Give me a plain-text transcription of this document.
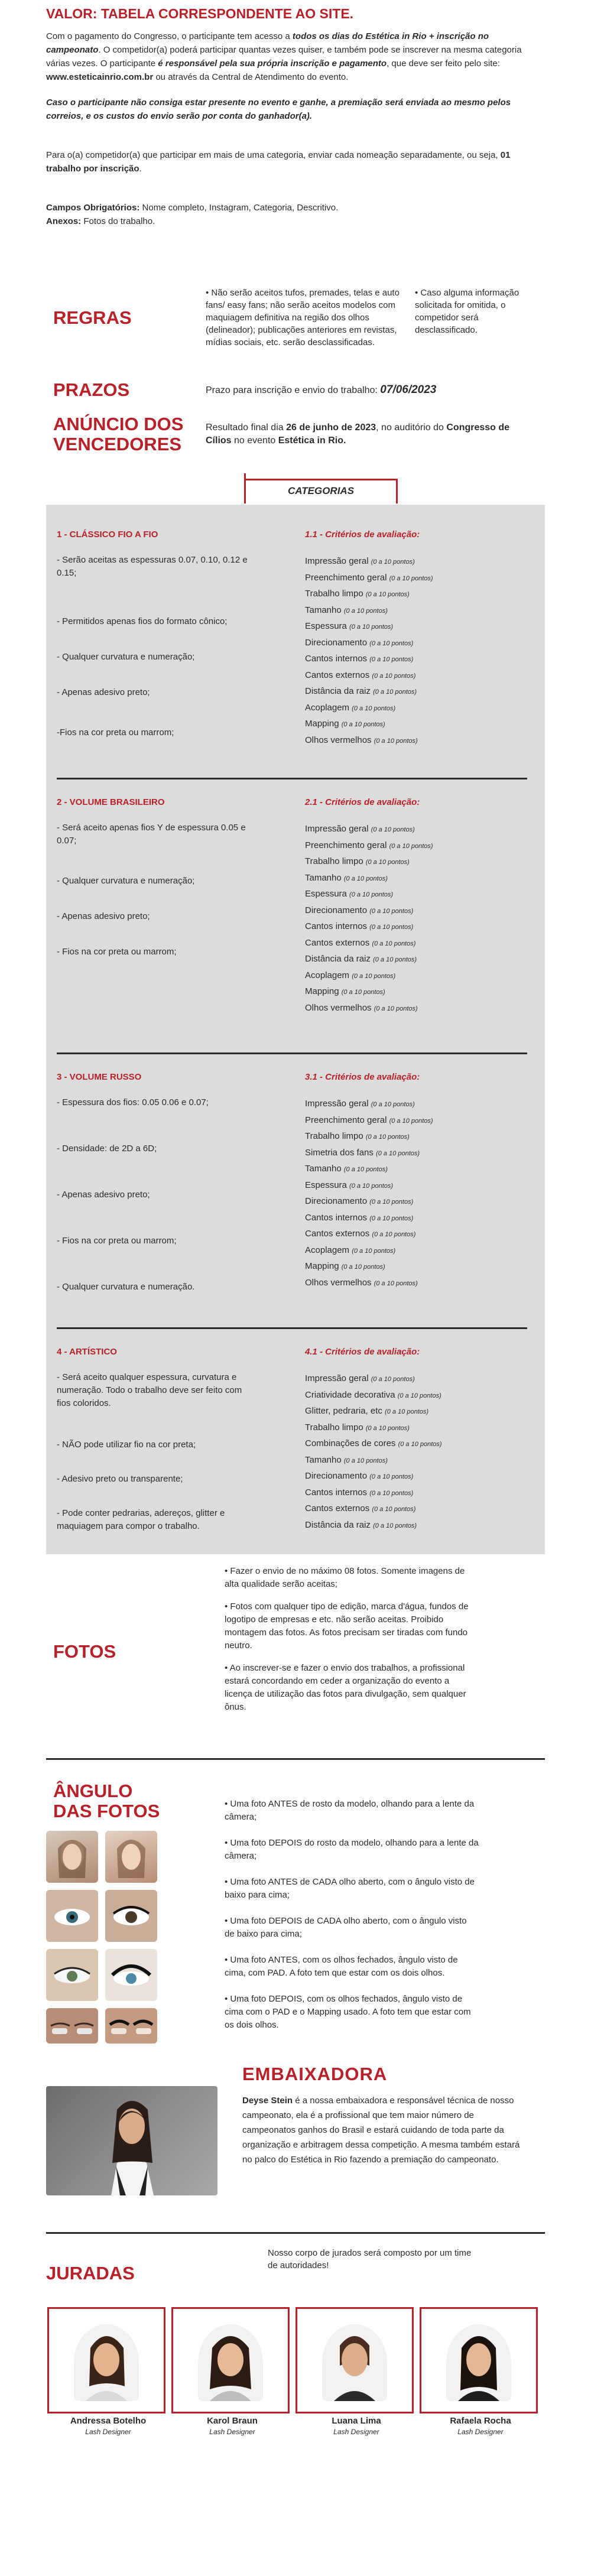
VALOR: TABELA CORRESPONDENTE AO SITE.

Com o pagamento do Congresso, o participante tem acesso a todos os dias do Estética in Rio + inscrição no campeonato. O competidor(a) poderá participar quantas vezes quiser, e também pode se inscrever na mesma categoria várias vezes. O participante é responsável pela sua própria inscrição e pagamento, que deve ser feito pelo site: www.esteticainrio.com.br ou através da Central de Atendimento do evento.

Caso o participante não consiga estar presente no evento e ganhe, a premiação será enviada ao mesmo pelos correios, e os custos do envio serão por conta do ganhador(a).

Para o(a) competidor(a) que participar em mais de uma categoria, enviar cada nomeação separadamente, ou seja, 01 trabalho por inscrição.

Campos Obrigatórios: Nome completo, Instagram, Categoria, Descritivo.

Anexos: Fotos do trabalho.

REGRAS
• Não serão aceitos tufos, premades, telas e auto fans/ easy fans; não serão aceitos modelos com maquiagem definitiva na região dos olhos (delineador); publicações anteriores em revistas, mídias sociais, etc. serão desclassificadas.
• Caso alguma informação solicitada for omitida, o competidor será desclassificado.
PRAZOS	Prazo para inscrição e envio do trabalho: 07/06/2023
ANÚNCIO DOS VENCEDORES
Resultado final dia 26 de junho de 2023, no auditório do Congresso de Cílios no evento Estética in Rio.
CATEGORIAS
1 - CLÁSSICO FIO A FIO
- Serão aceitas as espessuras 0.07, 0.10, 0.12 e 0.15;
- Permitidos apenas fios do formato cônico;
- Qualquer curvatura e numeração;
- Apenas adesivo preto;
-Fios na cor preta ou marrom;
1.1 - Critérios de avaliação:
Impressão geral (0 a 10 pontos)
Preenchimento geral (0 a 10 pontos)
Trabalho limpo (0 a 10 pontos)
Tamanho (0 a 10 pontos)
Espessura (0 a 10 pontos)
Direcionamento (0 a 10 pontos)
Cantos internos (0 a 10 pontos)
Cantos externos (0 a 10 pontos)
Distância da raiz (0 a 10 pontos)
Acoplagem (0 a 10 pontos)
Mapping (0 a 10 pontos)
Olhos vermelhos (0 a 10 pontos)
2 - VOLUME BRASILEIRO
- Será aceito apenas fios Y de espessura 0.05 e 0.07;
- Qualquer curvatura e numeração;
- Apenas adesivo preto;
- Fios na cor preta ou marrom;
2.1 - Critérios de avaliação:
Impressão geral (0 a 10 pontos)
Preenchimento geral (0 a 10 pontos)
Trabalho limpo (0 a 10 pontos)
Tamanho (0 a 10 pontos)
Espessura (0 a 10 pontos)
Direcionamento (0 a 10 pontos)
Cantos internos (0 a 10 pontos)
Cantos externos (0 a 10 pontos)
Distância da raiz (0 a 10 pontos)
Acoplagem (0 a 10 pontos)
Mapping (0 a 10 pontos)
Olhos vermelhos (0 a 10 pontos)
3 - VOLUME RUSSO
- Espessura dos fios: 0.05 0.06 e 0.07;
- Densidade: de 2D a 6D;
- Apenas adesivo preto;
- Fios na cor preta ou marrom;
- Qualquer curvatura e numeração.
3.1 - Critérios de avaliação:
Impressão geral (0 a 10 pontos)
Preenchimento geral (0 a 10 pontos)
Trabalho limpo (0 a 10 pontos)
Simetria dos fans (0 a 10 pontos)
Tamanho (0 a 10 pontos)
Espessura (0 a 10 pontos)
Direcionamento (0 a 10 pontos)
Cantos internos (0 a 10 pontos)
Cantos externos (0 a 10 pontos)
Acoplagem (0 a 10 pontos)
Mapping (0 a 10 pontos)
Olhos vermelhos (0 a 10 pontos)
4 - ARTÍSTICO
- Será aceito qualquer espessura, curvatura e numeração. Todo o trabalho deve ser feito com fios coloridos.
- NÃO pode utilizar fio na cor preta;
- Adesivo preto ou transparente;
- Pode conter pedrarias, adereços, glitter e maquiagem para compor o trabalho.
4.1 - Critérios de avaliação:
Impressão geral (0 a 10 pontos)
Criatividade decorativa (0 a 10 pontos)
Glitter, pedraria, etc (0 a 10 pontos)
Trabalho limpo (0 a 10 pontos)
Combinações de cores (0 a 10 pontos)
Tamanho (0 a 10 pontos)
Direcionamento (0 a 10 pontos)
Cantos internos (0 a 10 pontos)
Cantos externos (0 a 10 pontos)
Distância da raiz (0 a 10 pontos)
FOTOS

• Fazer o envio de no máximo 08 fotos. Somente imagens de alta qualidade serão aceitas;

• Fotos com qualquer tipo de edição, marca d'água, fundos de logotipo de empresas e etc. não serão aceitas. Proibido montagem das fotos. As fotos precisam ser tiradas com fundo neutro.

• Ao inscrever-se e fazer o envio dos trabalhos, a profissional estará concordando em ceder a organização do evento a licença de utilização das fotos para divulgação, sem qualquer ônus.

ÂNGULO DAS FOTOS	• Uma foto ANTES de rosto da modelo, olhando para a lente da câmera;

• Uma foto DEPOIS do rosto da modelo, olhando para a lente da câmera;

• Uma foto ANTES de CADA olho aberto, com o ângulo visto de baixo para cima;

• Uma foto DEPOIS de CADA olho aberto, com o ângulo visto de baixo para cima;

• Uma foto ANTES, com os olhos fechados, ângulo visto de cima, com PAD. A foto tem que estar com os dois olhos.

• Uma foto DEPOIS, com os olhos fechados, ângulo visto de cima com o PAD e o Mapping usado. A foto tem que estar com os dois olhos.

EMBAIXADORA
Deyse Stein é a nossa embaixadora e responsável técnica de nosso campeonato, ela é a profissional que tem maior número de campeonatos ganhos do Brasil e estará cuidando de toda parte da organização e arbitragem dessa competição. A mesma também estará no palco do Estética in Rio fazendo a premiação do campeonato.
JURADAS
Nosso corpo de jurados será composto por um time de autoridades!
Andressa Botelho
Lash Designer
Karol Braun
Lash Designer
Luana Lima
Lash Designer
Rafaela Rocha
Lash Designer
